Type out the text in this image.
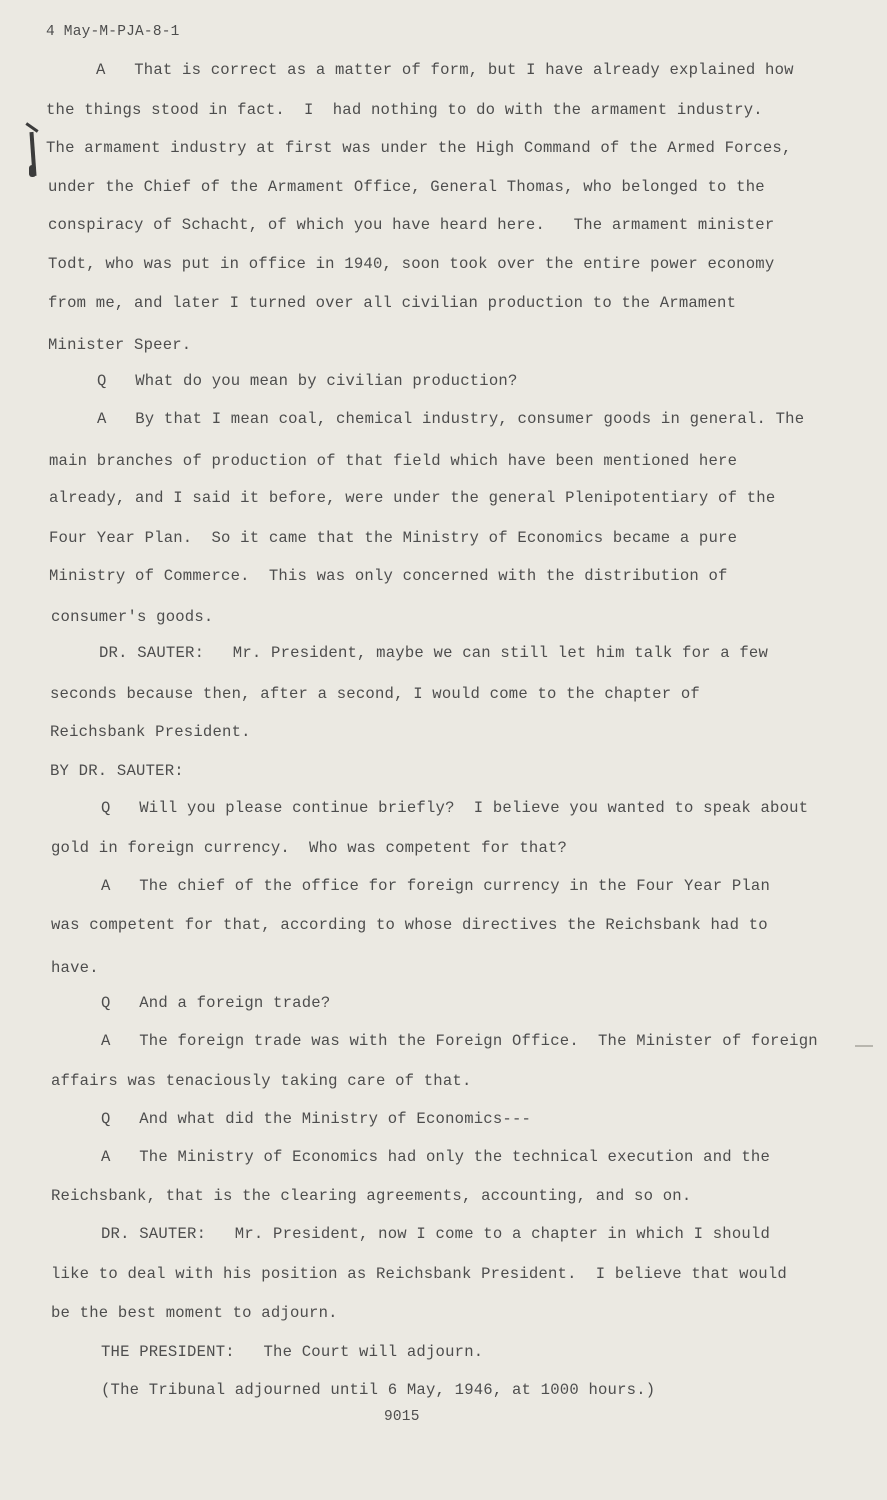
4 May-M-PJA-8-1
A   That is correct as a matter of form, but I have already explained how
the things stood in fact.  I  had nothing to do with the armament industry.
The armament industry at first was under the High Command of the Armed Forces,
under the Chief of the Armament Office, General Thomas, who belonged to the
conspiracy of Schacht, of which you have heard here.   The armament minister
Todt, who was put in office in 1940, soon took over the entire power economy
from me, and later I turned over all civilian production to the Armament
Minister Speer.
Q   What do you mean by civilian production?
A   By that I mean coal, chemical industry, consumer goods in general. The
main branches of production of that field which have been mentioned here
already, and I said it before, were under the general Plenipotentiary of the
Four Year Plan.  So it came that the Ministry of Economics became a pure
Ministry of Commerce.  This was only concerned with the distribution of
consumer's goods.
DR. SAUTER:   Mr. President, maybe we can still let him talk for a few
seconds because then, after a second, I would come to the chapter of
Reichsbank President.
BY DR. SAUTER:
Q   Will you please continue briefly?  I believe you wanted to speak about
gold in foreign currency.  Who was competent for that?
A   The chief of the office for foreign currency in the Four Year Plan
was competent for that, according to whose directives the Reichsbank had to
have.
Q   And a foreign trade?
A   The foreign trade was with the Foreign Office.  The Minister of foreign
affairs was tenaciously taking care of that.
Q   And what did the Ministry of Economics---
A   The Ministry of Economics had only the technical execution and the
Reichsbank, that is the clearing agreements, accounting, and so on.
DR. SAUTER:   Mr. President, now I come to a chapter in which I should
like to deal with his position as Reichsbank President.  I believe that would
be the best moment to adjourn.
THE PRESIDENT:   The Court will adjourn.
(The Tribunal adjourned until 6 May, 1946, at 1000 hours.)
9015
